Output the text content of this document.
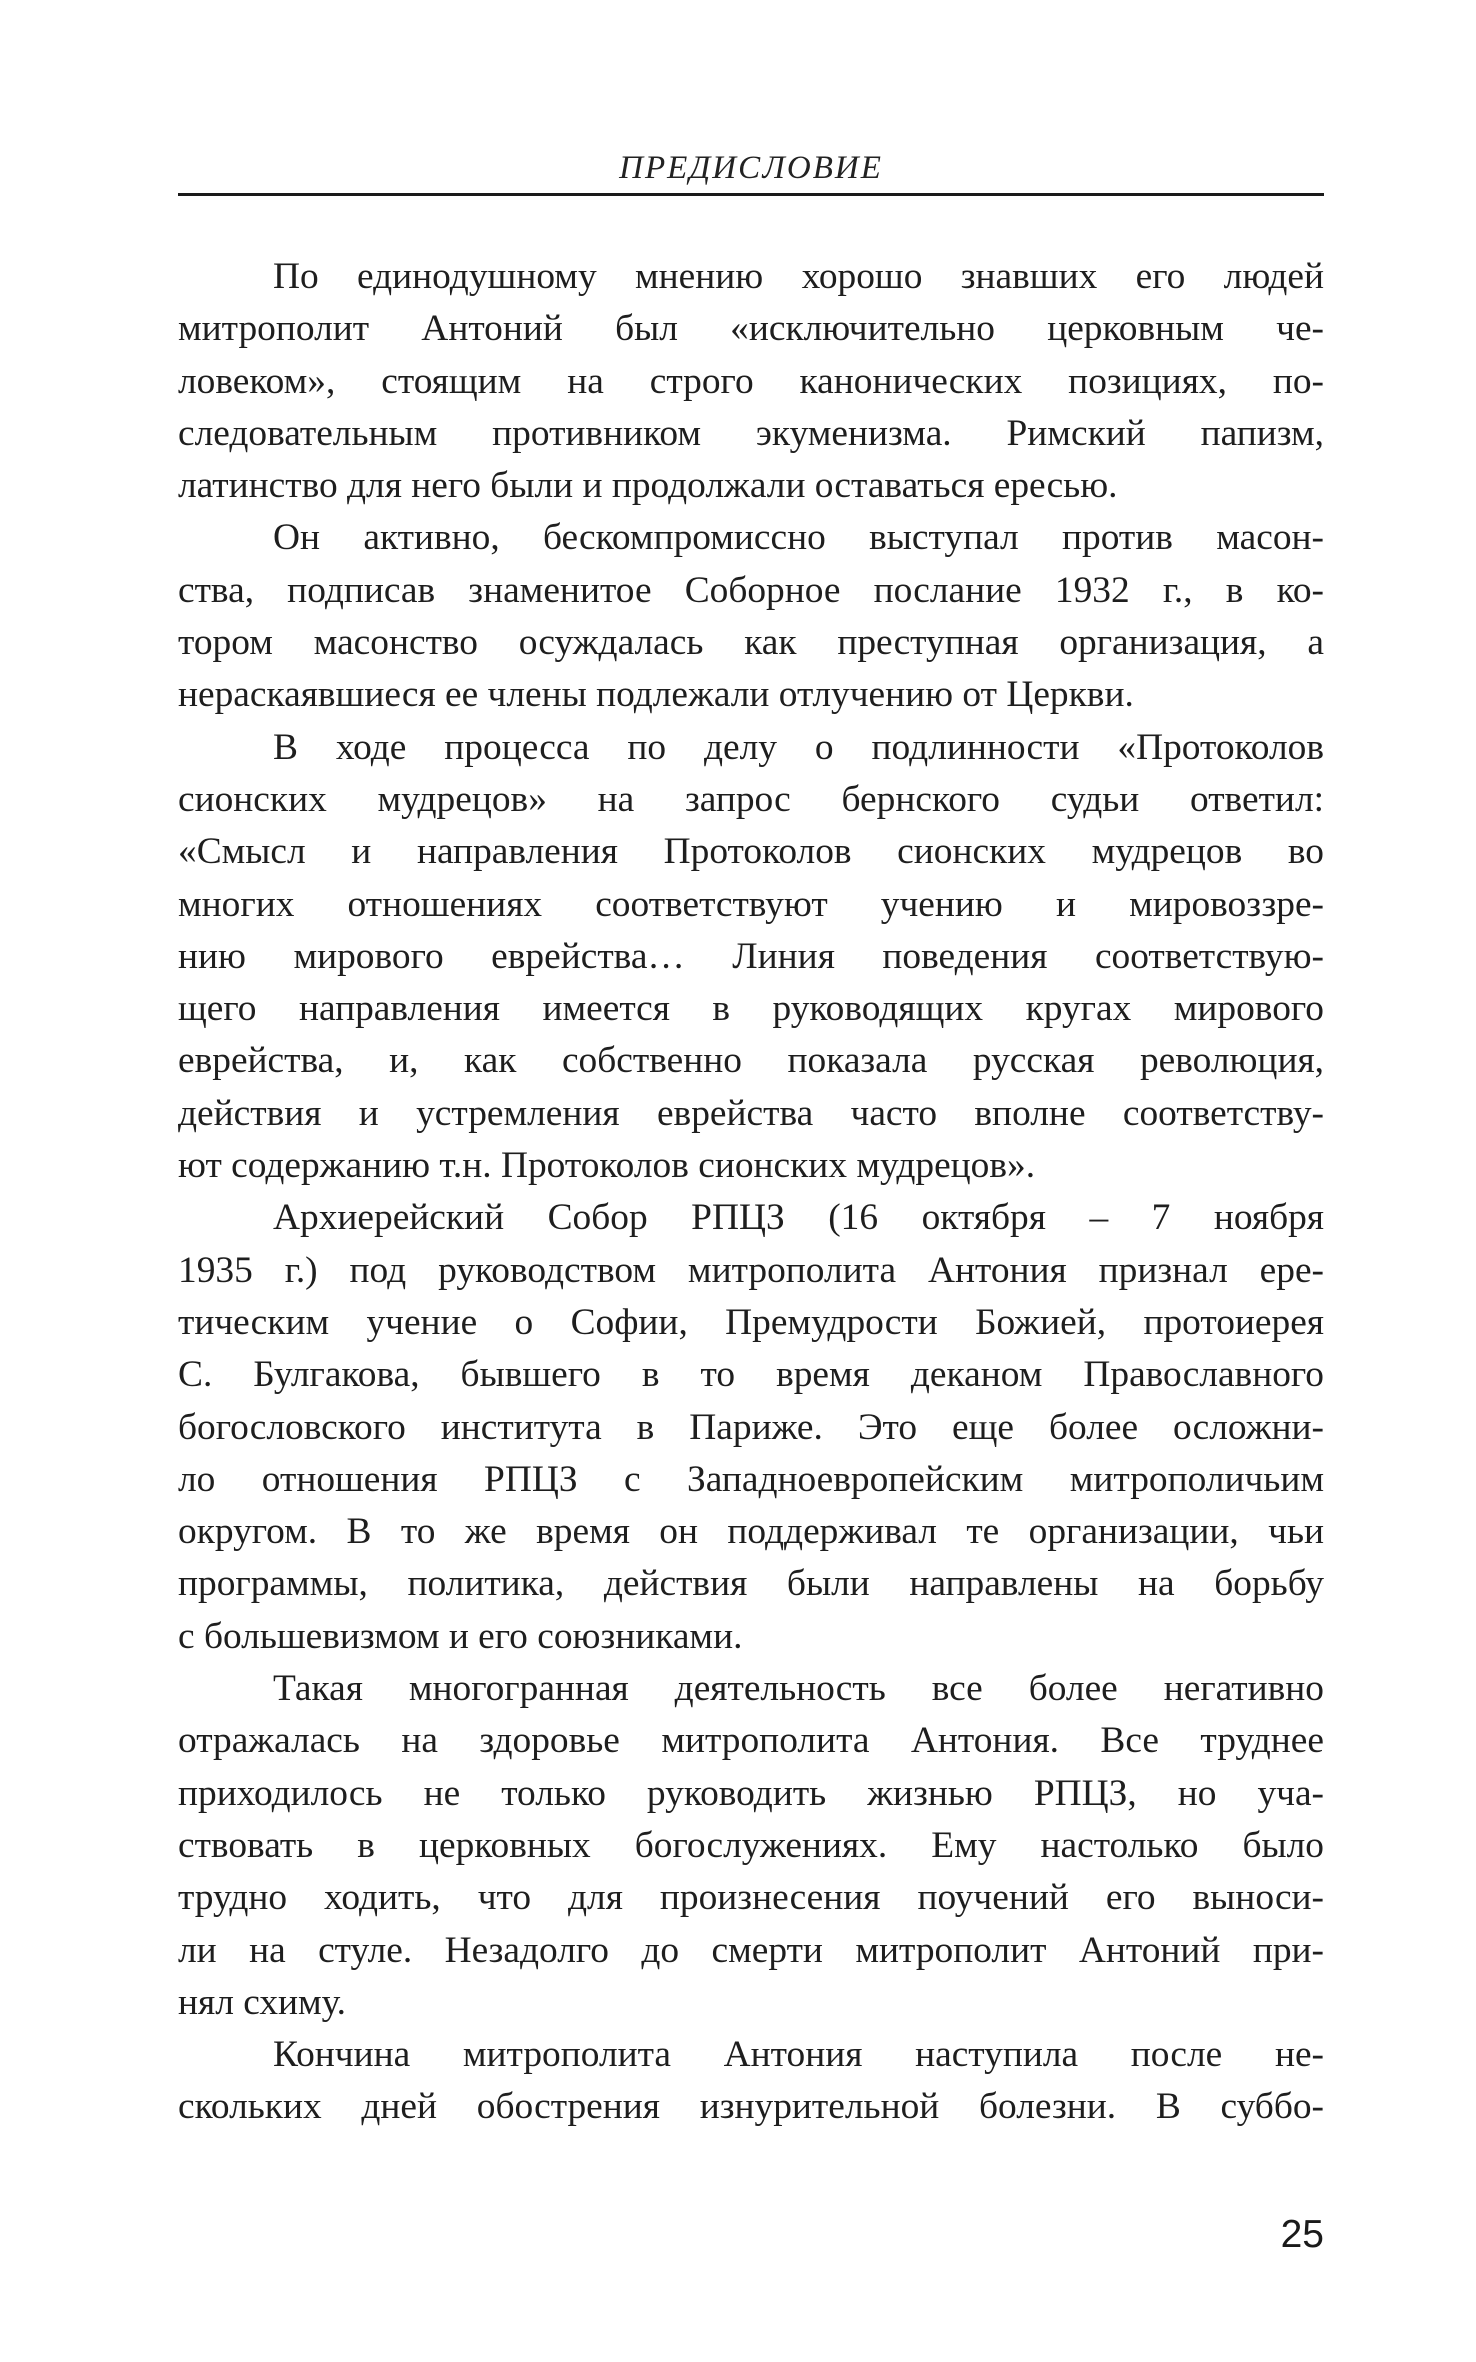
ПРЕДИСЛОВИЕ
По единодушному мнению хорошо знавших его людей
митрополит Антоний был «исключительно церковным че-
ловеком», стоящим на строго канонических позициях, по-
следовательным противником экуменизма. Римский папизм,
латинство для него были и продолжали оставаться ересью.
Он активно, бескомпромиссно выступал против масон-
ства, подписав знаменитое Соборное послание 1932 г., в ко-
тором масонство осуждалась как преступная организация, а
нераскаявшиеся ее члены подлежали отлучению от Церкви.
В ходе процесса по делу о подлинности «Протоколов
сионских мудрецов» на запрос бернского судьи ответил:
«Смысл и направления Протоколов сионских мудрецов во
многих отношениях соответствуют учению и мировоззре-
нию мирового еврейства… Линия поведения соответствую-
щего направления имеется в руководящих кругах мирового
еврейства, и, как собственно показала русская революция,
действия и устремления еврейства часто вполне соответству-
ют содержанию т.н. Протоколов сионских мудрецов».
Архиерейский Собор РПЦЗ (16 октября – 7 ноября
1935 г.) под руководством митрополита Антония признал ере-
тическим учение о Софии, Премудрости Божией, протоиерея
С. Булгакова, бывшего в то время деканом Православного
богословского института в Париже. Это еще более осложни-
ло отношения РПЦЗ с Западноевропейским митрополичьим
округом. В то же время он поддерживал те организации, чьи
программы, политика, действия были направлены на борьбу
с большевизмом и его союзниками.
Такая многогранная деятельность все более негативно
отражалась на здоровье митрополита Антония. Все труднее
приходилось не только руководить жизнью РПЦЗ, но уча-
ствовать в церковных богослужениях. Ему настолько было
трудно ходить, что для произнесения поучений его выноси-
ли на стуле. Незадолго до смерти митрополит Антоний при-
нял схиму.
Кончина митрополита Антония наступила после не-
скольких дней обострения изнурительной болезни. В суббо-
25
